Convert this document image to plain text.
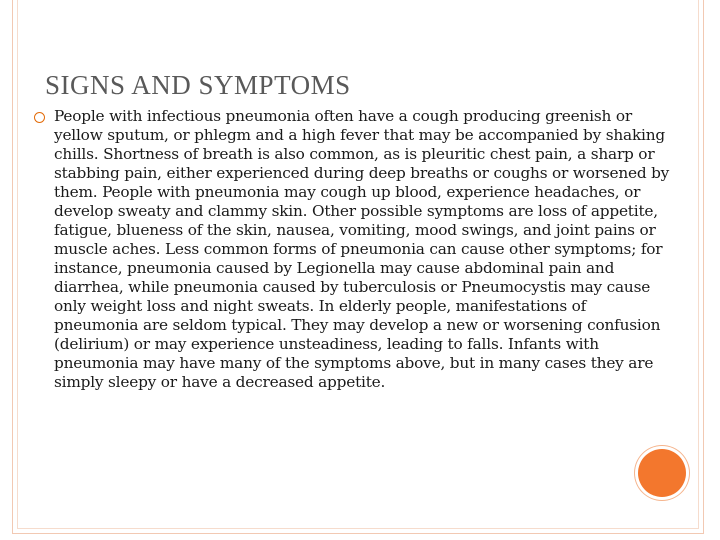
SIGNS AND SYMPTOMS

People with infectious pneumonia often have a cough producing greenish or yellow sputum, or phlegm and a high fever that may be accompanied by shaking chills. Shortness of breath is also common, as is pleuritic chest pain, a sharp or stabbing pain, either experienced during deep breaths or coughs or worsened by them. People with pneumonia may cough up blood, experience headaches, or develop sweaty and clammy skin. Other possible symptoms are loss of appetite, fatigue, blueness of the skin, nausea, vomiting, mood swings, and joint pains or muscle aches. Less common forms of pneumonia can cause other symptoms; for instance, pneumonia caused by Legionella may cause abdominal pain and diarrhea, while pneumonia caused by tuberculosis or Pneumocystis may cause only weight loss and night sweats. In elderly people, manifestations of pneumonia are seldom typical. They may develop a new or worsening confusion (delirium) or may experience unsteadiness, leading to falls. Infants with pneumonia may have many of the symptoms above, but in many cases they are simply sleepy or have a decreased appetite.
